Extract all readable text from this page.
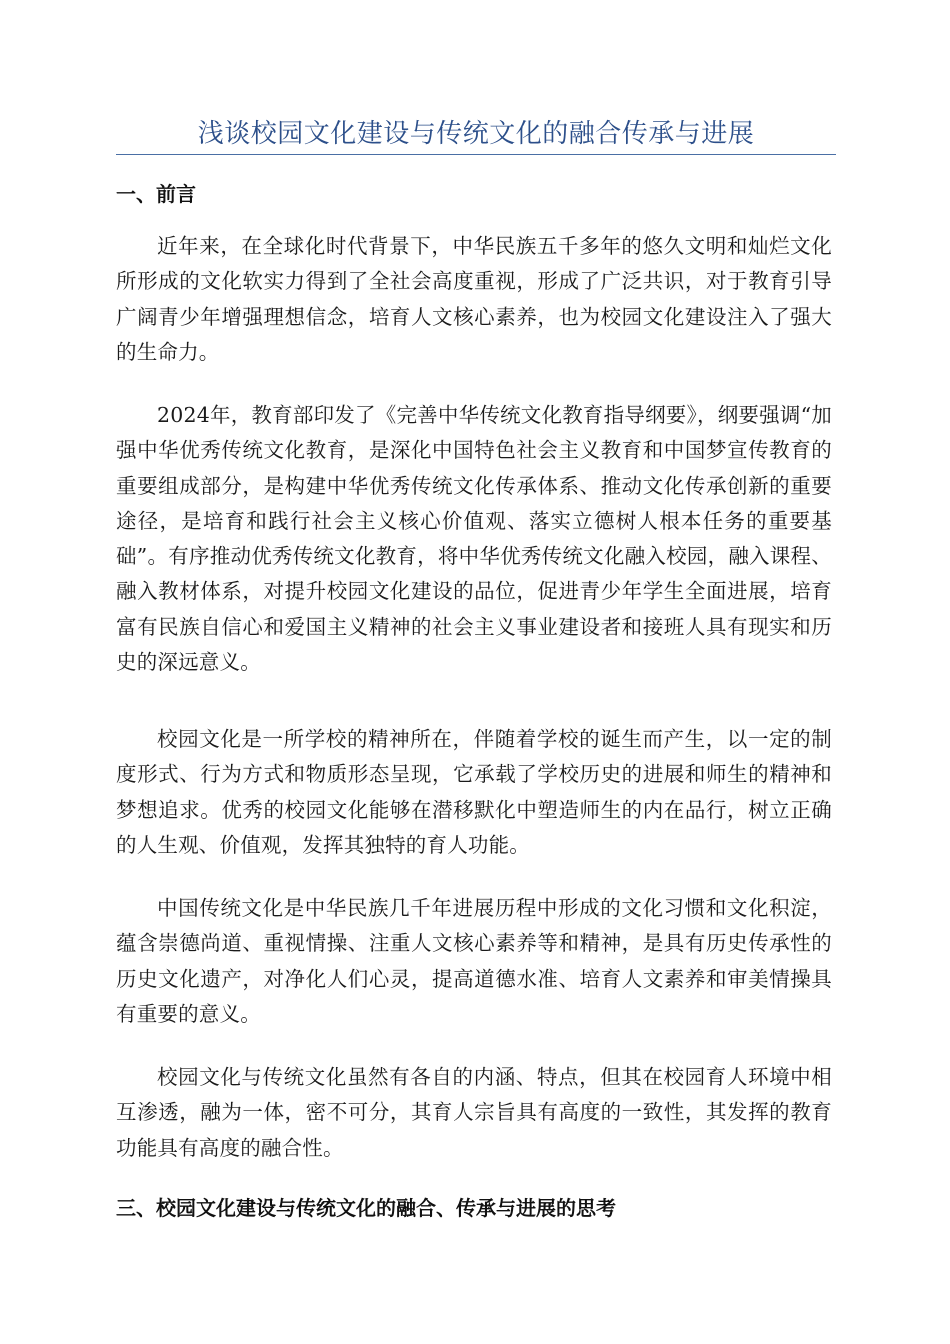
浅谈校园文化建设与传统文化的融合传承与进展
一、前言

近年来，在全球化时代背景下，中华民族五千多年的悠久文明和灿烂文化所形成的文化软实力得到了全社会高度重视，形成了广泛共识，对于教育引导广阔青少年增强理想信念，培育人文核心素养，也为校园文化建设注入了强大的生命力。

2024年，教育部印发了《完善中华传统文化教育指导纲要》，纲要强调“加强中华优秀传统文化教育，是深化中国特色社会主义教育和中国梦宣传教育的重要组成部分，是构建中华优秀传统文化传承体系、推动文化传承创新的重要途径，是培育和践行社会主义核心价值观、落实立德树人根本任务的重要基础”。有序推动优秀传统文化教育，将中华优秀传统文化融入校园，融入课程、融入教材体系，对提升校园文化建设的品位，促进青少年学生全面进展，培育富有民族自信心和爱国主义精神的社会主义事业建设者和接班人具有现实和历史的深远意义。

校园文化是一所学校的精神所在，伴随着学校的诞生而产生，以一定的制度形式、行为方式和物质形态呈现，它承载了学校历史的进展和师生的精神和梦想追求。优秀的校园文化能够在潜移默化中塑造师生的内在品行，树立正确的人生观、价值观，发挥其独特的育人功能。

中国传统文化是中华民族几千年进展历程中形成的文化习惯和文化积淀，蕴含崇德尚道、重视情操、注重人文核心素养等和精神，是具有历史传承性的历史文化遗产，对净化人们心灵，提高道德水准、培育人文素养和审美情操具有重要的意义。

校园文化与传统文化虽然有各自的内涵、特点，但其在校园育人环境中相互渗透，融为一体，密不可分，其育人宗旨具有高度的一致性，其发挥的教育功能具有高度的融合性。

三、校园文化建设与传统文化的融合、传承与进展的思考
